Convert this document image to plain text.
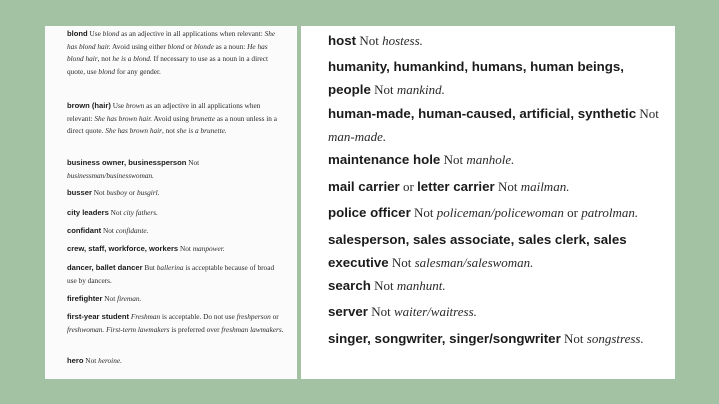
blond Use blond as an adjective in all applications when relevant: She has blond hair. Avoid using either blond or blonde as a noun: He has blond hair, not he is a blond. If necessary to use as a noun in a direct quote, use blond for any gender.
brown (hair) Use brown as an adjective in all applications when relevant: She has brown hair. Avoid using brunette as a noun unless in a direct quote. She has brown hair, not she is a brunette.
business owner, businessperson Not businessman/businesswoman.
busser Not busboy or busgirl.
city leaders Not city fathers.
confidant Not confidante.
crew, staff, workforce, workers Not manpower.
dancer, ballet dancer But ballerina is acceptable because of broad use by dancers.
firefighter Not fireman.
first-year student Freshman is acceptable. Do not use freshperson or freshwoman. First-term lawmakers is preferred over freshman lawmakers.
hero Not heroine.
host Not hostess.
humanity, humankind, humans, human beings, people Not mankind.
human-made, human-caused, artificial, synthetic Not man-made.
maintenance hole Not manhole.
mail carrier or letter carrier Not mailman.
police officer Not policeman/policewoman or patrolman.
salesperson, sales associate, sales clerk, sales executive Not salesman/saleswoman.
search Not manhunt.
server Not waiter/waitress.
singer, songwriter, singer/songwriter Not songstress.
